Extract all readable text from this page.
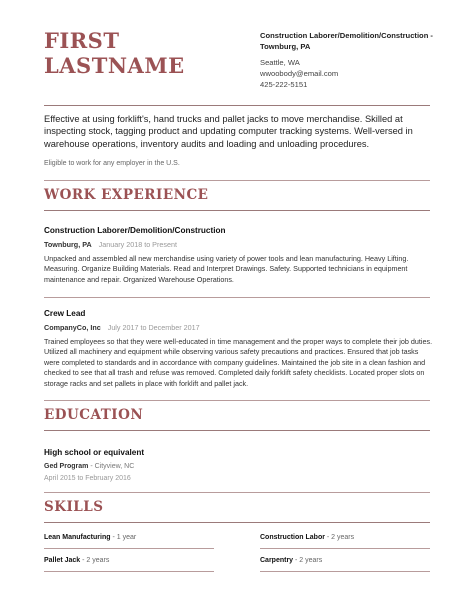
FIRST
LASTNAME
Construction Laborer/Demolition/Construction - Townburg, PA
Seattle, WA
wwoobody@email.com
425-222-5151
Effective at using forklift's, hand trucks and pallet jacks to move merchandise. Skilled at inspecting stock, tagging product and updating computer tracking systems. Well-versed in warehouse operations, inventory audits and loading and unloading procedures.
Eligible to work for any employer in the U.S.
WORK EXPERIENCE
Construction Laborer/Demolition/Construction
Townburg, PA January 2018 to Present
Unpacked and assembled all new merchandise using variety of power tools and lean manufacturing. Heavy Lifting. Measuring. Organize Building Materials. Read and Interpret Drawings. Safety. Supported technicians in equipment maintenance and repair. Organized Warehouse Operations.
Crew Lead
CompanyCo, Inc July 2017 to December 2017
Trained employees so that they were well-educated in time management and the proper ways to complete their job duties. Utilized all machinery and equipment while observing various safety precautions and practices. Ensured that job tasks were completed to standards and in accordance with company guidelines. Maintained the job site in a clean fashion and checked to see that all trash and refuse was removed. Completed daily forklift safety checklists. Located proper slots on storage racks and set pallets in place with forklift and pallet jack.
EDUCATION
High school or equivalent
Ged Program - Cityview, NC
April 2015 to February 2016
SKILLS
Lean Manufacturing - 1 year	Construction Labor - 2 years
Pallet Jack - 2 years	Carpentry - 2 years
